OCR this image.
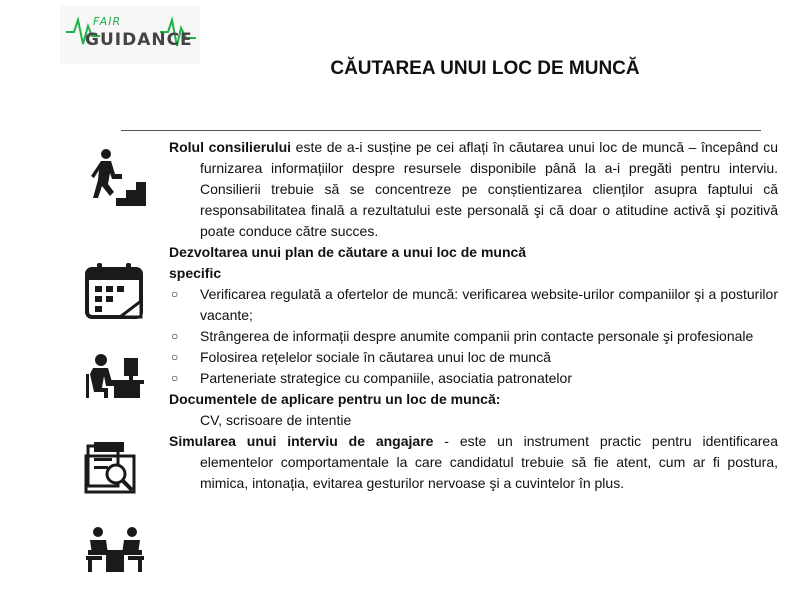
FAIR
GUIDANCE
CĂUTAREA UNUI LOC DE MUNCĂ
Rolul consilierului este de a-i susține pe cei aflați în căutarea unui loc de muncă – începând cu furnizarea informațiilor despre resursele disponibile până la a-i pregăti pentru interviu. Consilierii trebuie să se concentreze pe conștientizarea clienților asupra faptului că responsabilitatea finală a rezultatului este personală şi că doar o atitudine activă şi pozitivă poate conduce către succes.
Dezvoltarea unui plan de căutare a unui loc de muncă
specific
○ Verificarea regulată a ofertelor de muncă: verificarea website-urilor companiilor şi a posturilor vacante;
○ Strângerea de informații despre anumite companii prin contacte personale şi profesionale
○ Folosirea rețelelor sociale în căutarea unui loc de muncă
○ Parteneriate strategice cu companiile, asociatia patronatelor
Documentele de aplicare pentru un loc de muncă:
CV, scrisoare de intentie
Simularea unui interviu de angajare - este un instrument practic pentru identificarea elementelor comportamentale la care candidatul trebuie să fie atent, cum ar fi postura, mimica, intonația, evitarea gesturilor nervoase şi a cuvintelor în plus.
